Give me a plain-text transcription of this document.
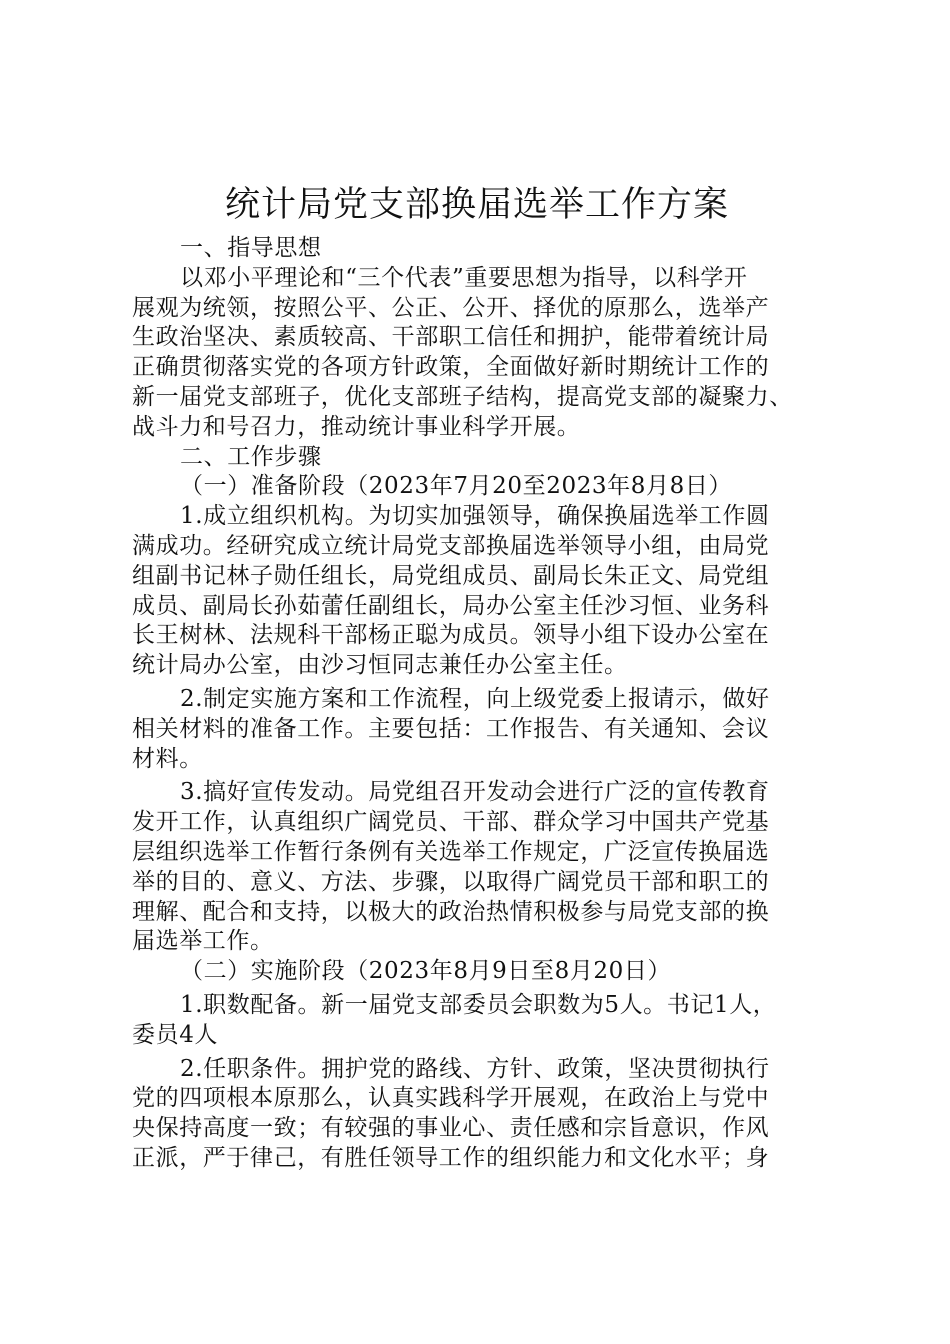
统计局党支部换届选举工作方案
一、指导思想
以邓小平理论和“三个代表”重要思想为指导，以科学开
展观为统领，按照公平、公正、公开、择优的原那么，选举产
生政治坚决、素质较高、干部职工信任和拥护，能带着统计局
正确贯彻落实党的各项方针政策，全面做好新时期统计工作的
新一届党支部班子，优化支部班子结构，提高党支部的凝聚力、
战斗力和号召力，推动统计事业科学开展。
二、工作步骤
（一）准备阶段（2023年7月20至2023年8月8日）
1.成立组织机构。为切实加强领导，确保换届选举工作圆
满成功。经研究成立统计局党支部换届选举领导小组，由局党
组副书记林子勋任组长，局党组成员、副局长朱正文、局党组
成员、副局长孙茹蕾任副组长，局办公室主任沙习恒、业务科
长王树林、法规科干部杨正聪为成员。领导小组下设办公室在
统计局办公室，由沙习恒同志兼任办公室主任。
2.制定实施方案和工作流程，向上级党委上报请示，做好
相关材料的准备工作。主要包括：工作报告、有关通知、会议
材料。
3.搞好宣传发动。局党组召开发动会进行广泛的宣传教育
发开工作，认真组织广阔党员、干部、群众学习中国共产党基
层组织选举工作暂行条例有关选举工作规定，广泛宣传换届选
举的目的、意义、方法、步骤，以取得广阔党员干部和职工的
理解、配合和支持，以极大的政治热情积极参与局党支部的换
届选举工作。
（二）实施阶段（2023年8月9日至8月20日）
1.职数配备。新一届党支部委员会职数为5人。书记1人，
委员4人
2.任职条件。拥护党的路线、方针、政策，坚决贯彻执行
党的四项根本原那么，认真实践科学开展观，在政治上与党中
央保持高度一致；有较强的事业心、责任感和宗旨意识，作风
正派，严于律己，有胜任领导工作的组织能力和文化水平；身
